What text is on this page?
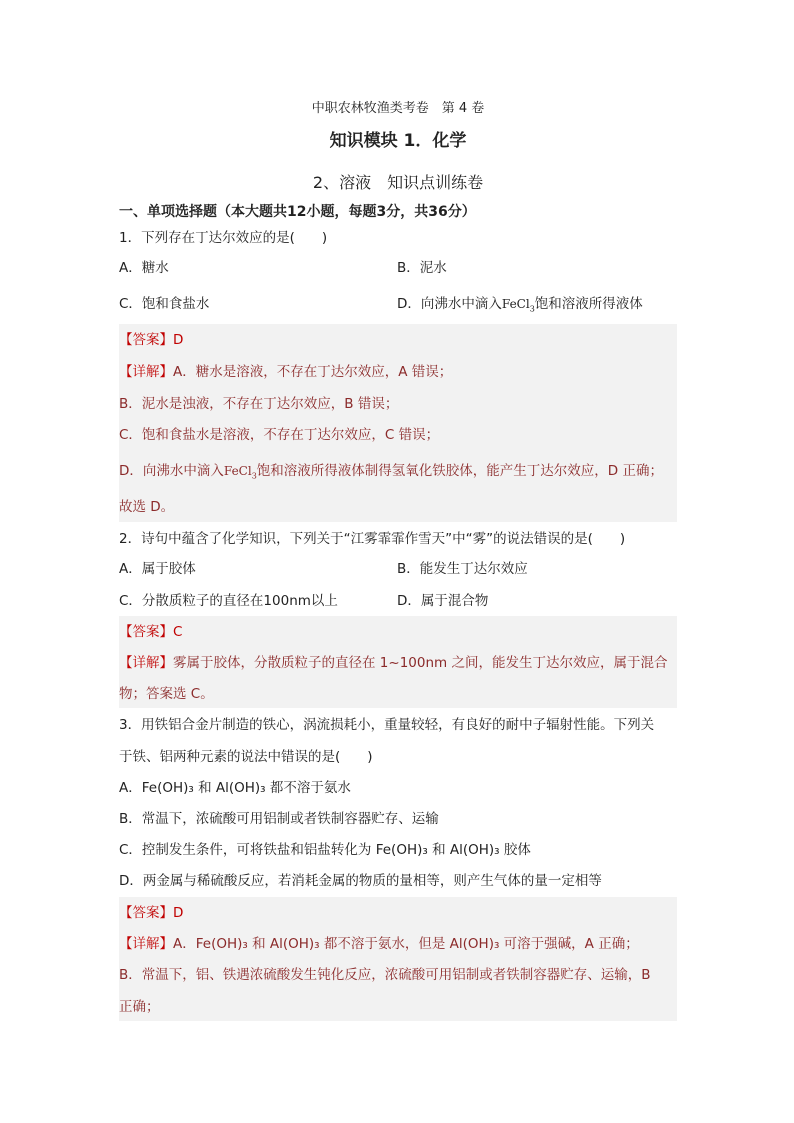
中职农林牧渔类考卷　第 4 卷
知识模块 1．化学
2、溶液　知识点训练卷
一、单项选择题（本大题共12小题，每题3分，共36分）
1．下列存在丁达尔效应的是(　　)
A．糖水	B．泥水
C．饱和食盐水	D．向沸水中滴入FeCl$_3$饱和溶液所得液体
【答案】D
【详解】A．糖水是溶液，不存在丁达尔效应，A 错误；
B．泥水是浊液，不存在丁达尔效应，B 错误；
C．饱和食盐水是溶液，不存在丁达尔效应，C 错误；
D．向沸水中滴入FeCl$_3$饱和溶液所得液体制得氢氧化铁胶体，能产生丁达尔效应，D 正确；
故选 D。
2．诗句中蕴含了化学知识，下列关于“江雾霏霏作雪天”中“雾”的说法错误的是(　　)
A．属于胶体	B．能发生丁达尔效应
C．分散质粒子的直径在100nm以上	D．属于混合物
【答案】C
【详解】雾属于胶体，分散质粒子的直径在 1~100nm 之间，能发生丁达尔效应，属于混合
物；答案选 C。
3．用铁铝合金片制造的铁心，涡流损耗小，重量较轻，有良好的耐中子辐射性能。下列关
于铁、铝两种元素的说法中错误的是(　　)
A．Fe(OH)₃ 和 Al(OH)₃ 都不溶于氨水
B．常温下，浓硫酸可用铝制或者铁制容器贮存、运输
C．控制发生条件，可将铁盐和铝盐转化为 Fe(OH)₃ 和 Al(OH)₃ 胶体
D．两金属与稀硫酸反应，若消耗金属的物质的量相等，则产生气体的量一定相等
【答案】D
【详解】A．Fe(OH)₃ 和 Al(OH)₃ 都不溶于氨水，但是 Al(OH)₃ 可溶于强碱，A 正确；
B．常温下，铝、铁遇浓硫酸发生钝化反应，浓硫酸可用铝制或者铁制容器贮存、运输，B
正确；
